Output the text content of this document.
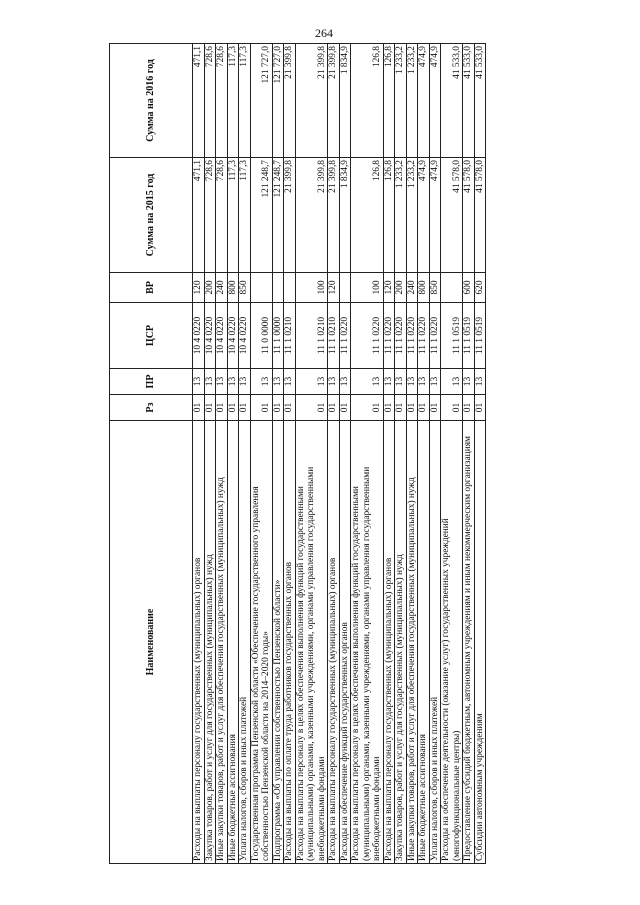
264
Наименование	Рз	ПР	ЦСР	ВР	Сумма на 2015 год	Сумма на 2016 год
Расходы на выплаты персоналу государственных (муниципальных) органов	01	13	10 4 0220	120	471,1	471,1
Закупка товаров, работ и услуг для государственных (муниципальных) нужд	01	13	10 4 0220	200	728,6	728,6
Иные закупки товаров, работ и услуг для обеспечения государственных (муниципальных) нужд	01	13	10 4 0220	240	728,6	728,6
Иные бюджетные ассигнования	01	13	10 4 0220	800	117,3	117,3
Уплата налогов, сборов и иных платежей	01	13	10 4 0220	850	117,3	117,3
Государственная программа Пензенской области «Обеспечение государственного управления собственностью Пензенской области на 2014–2020 годы»	01	13	11 0 0000		121 248,7	121 727,0
Подпрограмма «Об управлении собственностью Пензенской области»	01	13	11 1 0000		121 248,7	121 727,0
Расходы на выплаты по оплате труда работников государственных органов	01	13	11 1 0210		21 399,8	21 399,8
Расходы на выплаты персоналу в целях обеспечения выполнения функций государственными (муниципальными) органами, казенными учреждениями, органами управления государственными внебюджетными фондами	01	13	11 1 0210	100	21 399,8	21 399,8
Расходы на выплаты персоналу государственных (муниципальных) органов	01	13	11 1 0210	120	21 399,8	21 399,8
Расходы на обеспечение функций государственных органов	01	13	11 1 0220		1 834,9	1 834,9
Расходы на выплаты персоналу в целях обеспечения выполнения функций государственными (муниципальными) органами, казенными учреждениями, органами управления государственными внебюджетными фондами	01	13	11 1 0220	100	126,8	126,8
Расходы на выплаты персоналу государственных (муниципальных) органов	01	13	11 1 0220	120	126,8	126,8
Закупка товаров, работ и услуг для государственных (муниципальных) нужд	01	13	11 1 0220	200	1 233,2	1 233,2
Иные закупки товаров, работ и услуг для обеспечения государственных (муниципальных) нужд	01	13	11 1 0220	240	1 233,2	1 233,2
Иные бюджетные ассигнования	01	13	11 1 0220	800	474,9	474,9
Уплата налогов, сборов и иных платежей	01	13	11 1 0220	850	474,9	474,9
Расходы на обеспечение деятельности (оказание услуг) государственных учреждений (многофункциональные центры)	01	13	11 1 0519		41 578,0	41 533,0
Предоставление субсидий бюджетным, автономным учреждениям и иным некоммерческим организациям	01	13	11 1 0519	600	41 578,0	41 533,0
Субсидии автономным учреждениям	01	13	11 1 0519	620	41 578,0	41 533,0
